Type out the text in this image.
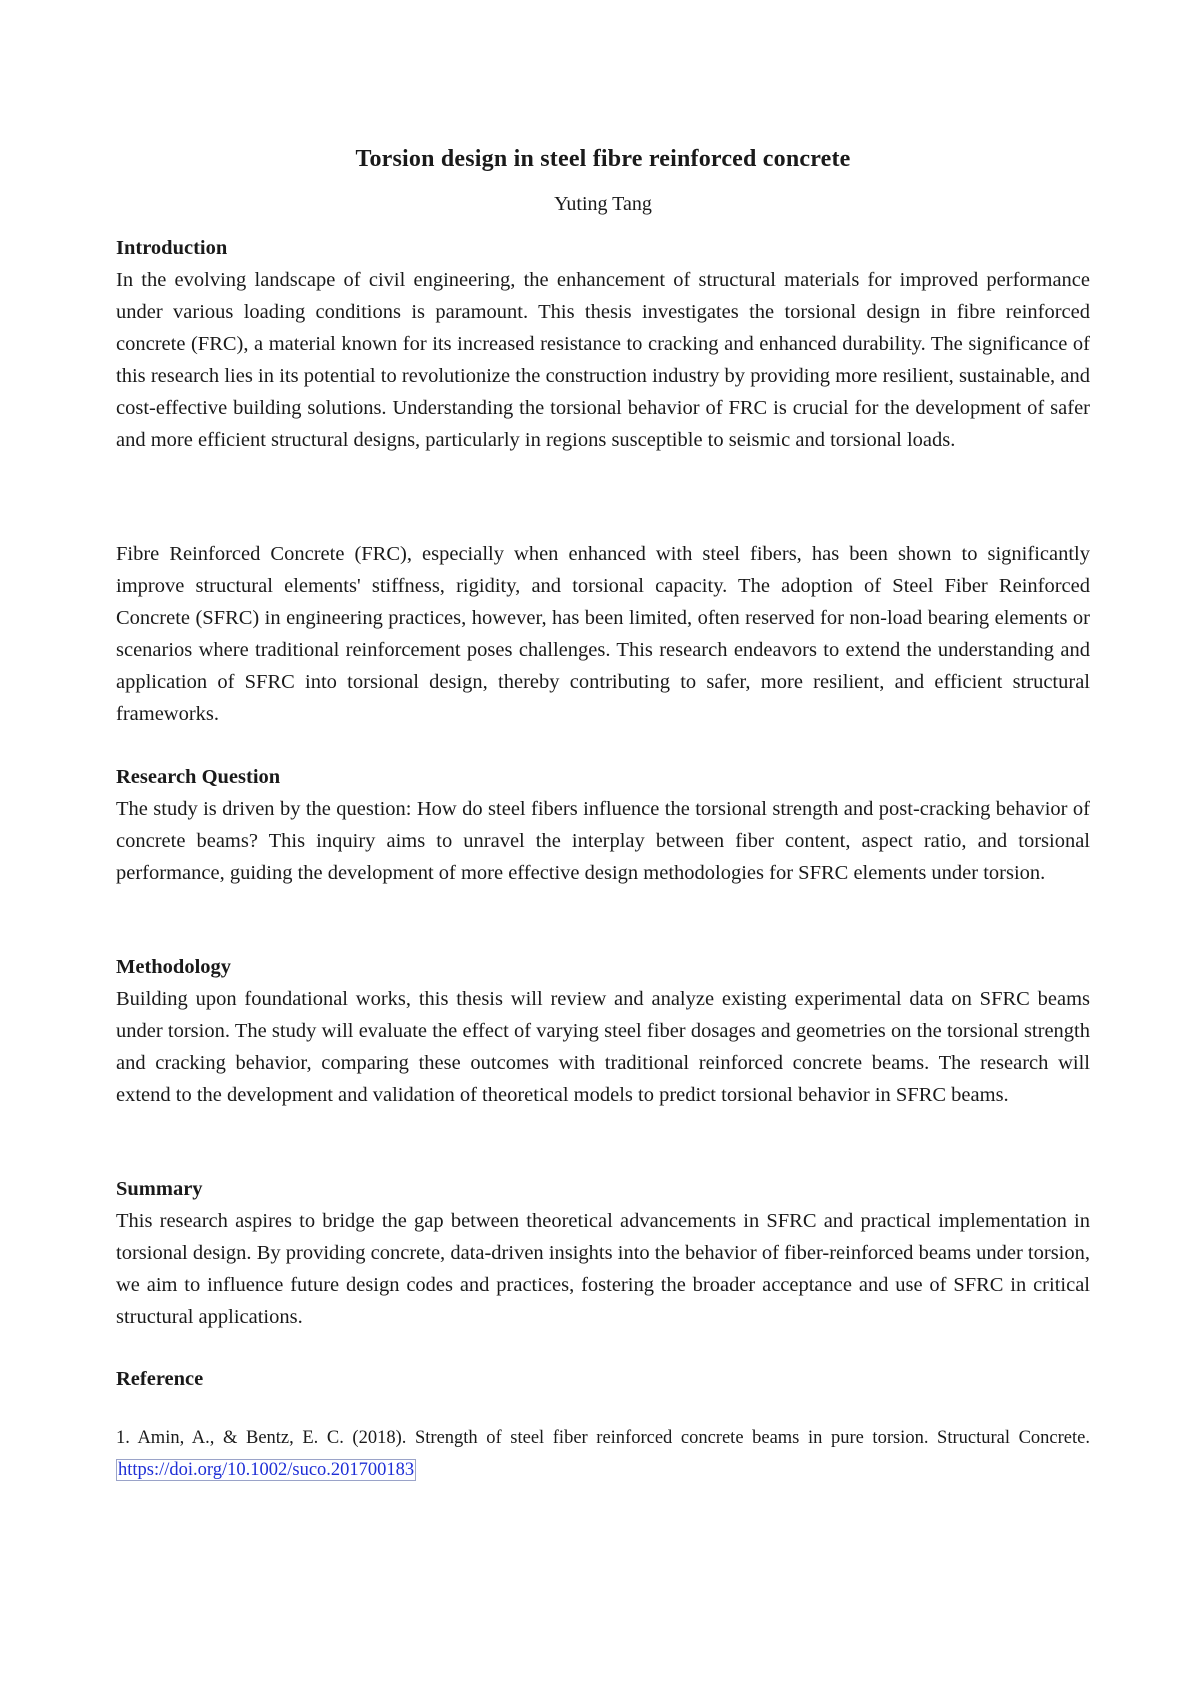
Torsion design in steel fibre reinforced concrete

Yuting Tang

Introduction

In the evolving landscape of civil engineering, the enhancement of structural materials for improved performance under various loading conditions is paramount. This thesis investigates the torsional design in fibre reinforced concrete (FRC), a material known for its increased resistance to cracking and enhanced durability. The significance of this research lies in its potential to revolutionize the construction industry by providing more resilient, sustainable, and cost-effective building solutions. Understanding the torsional behavior of FRC is crucial for the development of safer and more efficient structural designs, particularly in regions susceptible to seismic and torsional loads.

Fibre Reinforced Concrete (FRC), especially when enhanced with steel fibers, has been shown to significantly improve structural elements' stiffness, rigidity, and torsional capacity. The adoption of Steel Fiber Reinforced Concrete (SFRC) in engineering practices, however, has been limited, often reserved for non-load bearing elements or scenarios where traditional reinforcement poses challenges. This research endeavors to extend the understanding and application of SFRC into torsional design, thereby contributing to safer, more resilient, and efficient structural frameworks.

Research Question

The study is driven by the question: How do steel fibers influence the torsional strength and post-cracking behavior of concrete beams? This inquiry aims to unravel the interplay between fiber content, aspect ratio, and torsional performance, guiding the development of more effective design methodologies for SFRC elements under torsion.

Methodology

Building upon foundational works, this thesis will review and analyze existing experimental data on SFRC beams under torsion. The study will evaluate the effect of varying steel fiber dosages and geometries on the torsional strength and cracking behavior, comparing these outcomes with traditional reinforced concrete beams. The research will extend to the development and validation of theoretical models to predict torsional behavior in SFRC beams.

Summary

This research aspires to bridge the gap between theoretical advancements in SFRC and practical implementation in torsional design. By providing concrete, data-driven insights into the behavior of fiber-reinforced beams under torsion, we aim to influence future design codes and practices, fostering the broader acceptance and use of SFRC in critical structural applications.

Reference
1. Amin, A., & Bentz, E. C. (2018). Strength of steel fiber reinforced concrete beams in pure torsion. Structural Concrete. https://doi.org/10.1002/suco.201700183
